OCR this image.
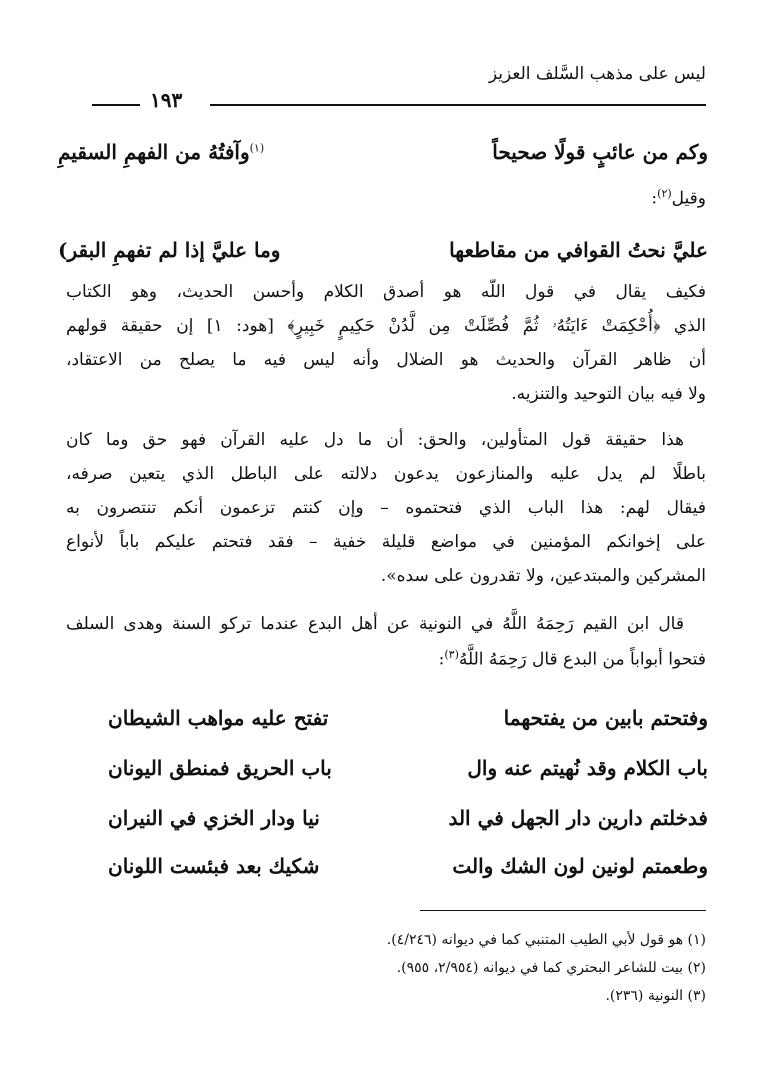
ليس على مذهب السَّلف العزيز
١٩٣
وكم من عائبٍ قولًا صحيحاً
$^{(١)}$وآفتُهُ من الفهمِ السقيمِ
وقيل$^{(٢)}$:
عليَّ نحتُ القوافي من مقاطعها
وما عليَّ إذا لم تفهمِ البقر)
فكيف يقال في قول اللّه هو أصدق الكلام وأحسن الحديث، وهو الكتاب
الذي ﴿أُحْكِمَتْ ءَايَتُهُۥ ثُمَّ فُصِّلَتْ مِن لَّدُنْ حَكِيمٍ خَبِيرٍ﴾ [هود: ١] إن حقيقة قولهم
أن ظاهر القرآن والحديث هو الضلال وأنه ليس فيه ما يصلح من الاعتقاد،
ولا فيه بيان التوحيد والتنزيه.
هذا حقيقة قول المتأولين، والحق: أن ما دل عليه القرآن فهو حق وما كان
باطلًا لم يدل عليه والمنازعون يدعون دلالته على الباطل الذي يتعين صرفه،
فيقال لهم: هذا الباب الذي فتحتموه – وإن كنتم تزعمون أنكم تنتصرون به
على إخوانكم المؤمنين في مواضع قليلة خفية – فقد فتحتم عليكم باباً لأنواع
المشركين والمبتدعين، ولا تقدرون على سده».
قال ابن القيم رَحِمَهُ اللَّهُ في النونية عن أهل البدع عندما تركو السنة وهدى السلف
فتحوا أبواباً من البدع قال رَحِمَهُ اللَّهُ$^{(٣)}$:
وفتحتم بابين من يفتحهما
تفتح عليه مواهب الشيطان
باب الكلام وقد نُهيتم عنه وال
باب الحريق فمنطق اليونان
فدخلتم دارين دار الجهل في الد
نيا ودار الخزي في النيران
وطعمتم لونين لون الشك والت
شكيك بعد فبئست اللونان
(١) هو قول لأبي الطيب المتنبي كما في ديوانه (٤/٢٤٦).
(٢) بيت للشاعر البحتري كما في ديوانه (٢/٩٥٤، ٩٥٥).
(٣) النونية (٢٣٦).
